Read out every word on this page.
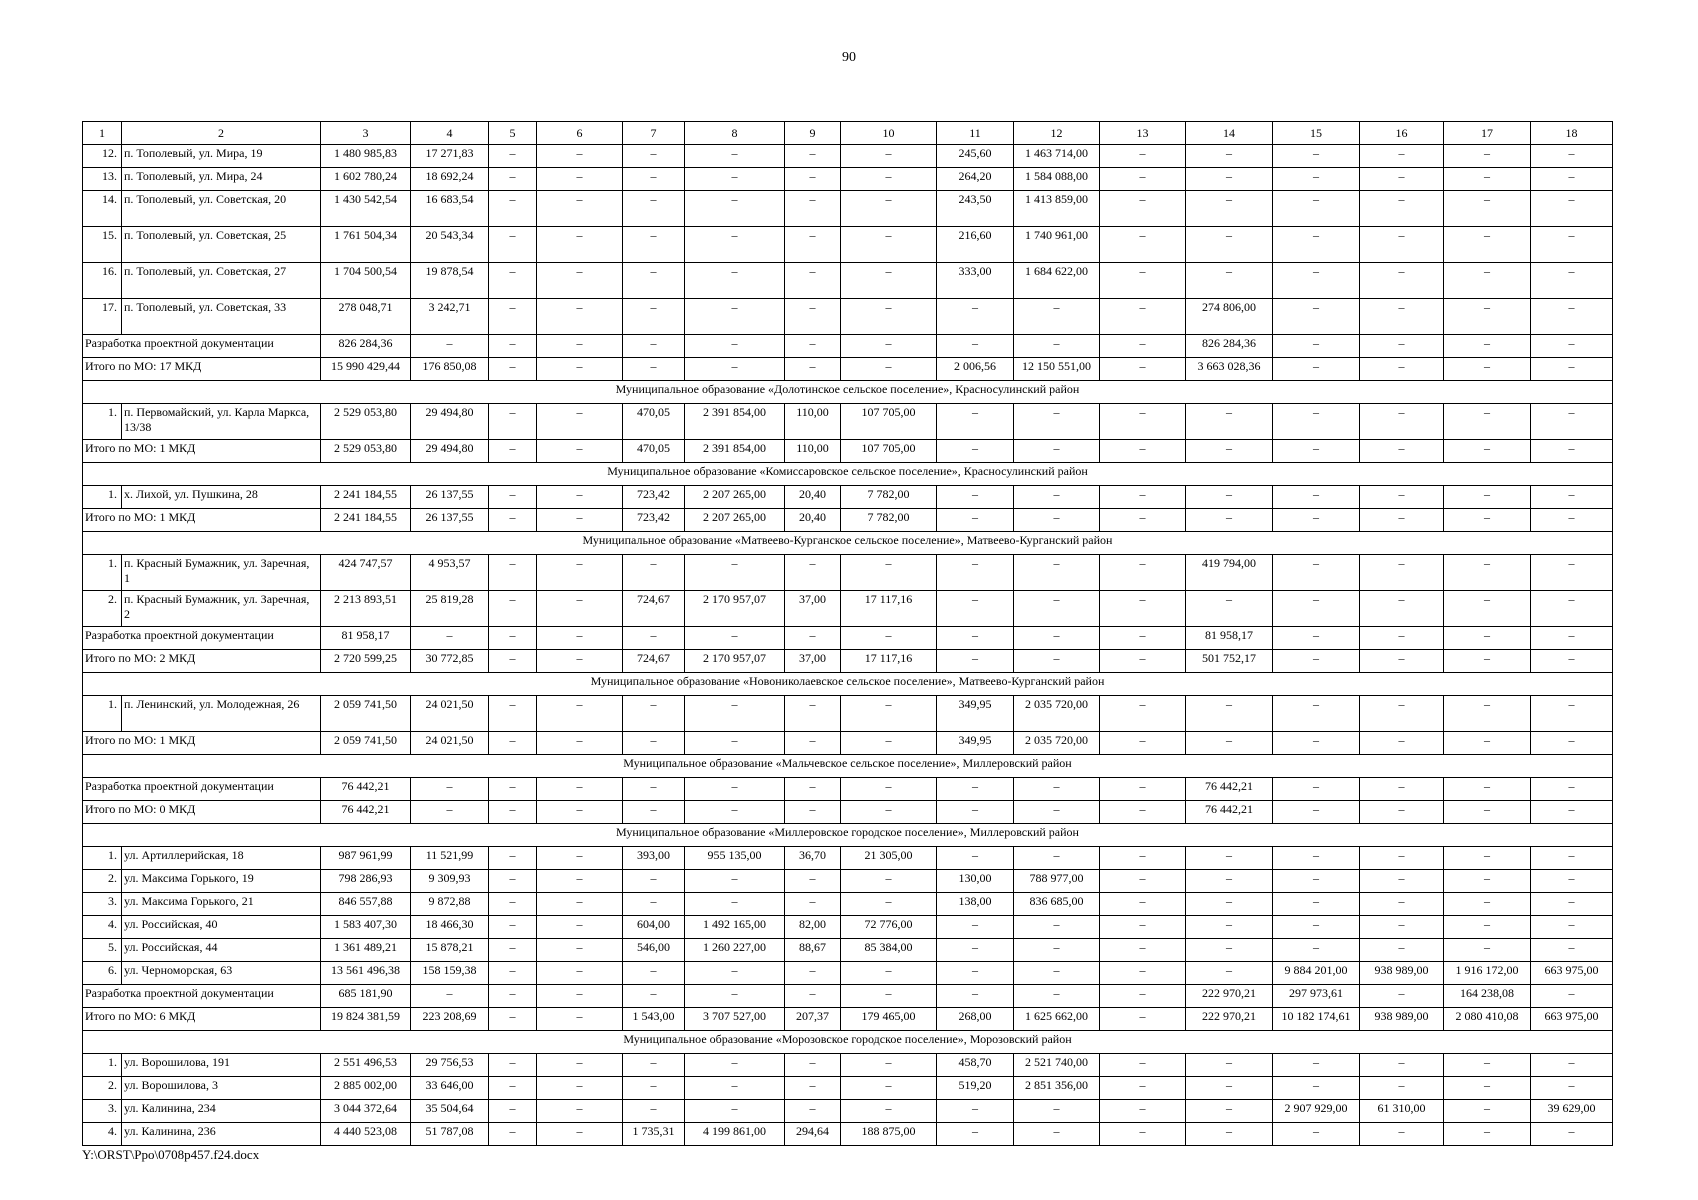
90
1	2	3	4	5	6	7	8	9	10	11	12	13	14	15	16	17	18
12.	п. Тополевый, ул. Мира, 19	1 480 985,83	17 271,83	–	–	–	–	–	–	245,60	1 463 714,00	–	–	–	–	–	–
13.	п. Тополевый, ул. Мира, 24	1 602 780,24	18 692,24	–	–	–	–	–	–	264,20	1 584 088,00	–	–	–	–	–	–
14.	п. Тополевый, ул. Советская, 20	1 430 542,54	16 683,54	–	–	–	–	–	–	243,50	1 413 859,00	–	–	–	–	–	–
15.	п. Тополевый, ул. Советская, 25	1 761 504,34	20 543,34	–	–	–	–	–	–	216,60	1 740 961,00	–	–	–	–	–	–
16.	п. Тополевый, ул. Советская, 27	1 704 500,54	19 878,54	–	–	–	–	–	–	333,00	1 684 622,00	–	–	–	–	–	–
17.	п. Тополевый, ул. Советская, 33	278 048,71	3 242,71	–	–	–	–	–	–	–	–	–	274 806,00	–	–	–	–
Разработка проектной документации		826 284,36	–	–	–	–	–	–	–	–	–	–	826 284,36	–	–	–	–
Итого по МО: 17 МКД		15 990 429,44	176 850,08	–	–	–	–	–	–	2 006,56	12 150 551,00	–	3 663 028,36	–	–	–	–
Муниципальное образование «Долотинское сельское поселение», Красносулинский район																	
1.	п. Первомайский, ул. Карла Маркса, 13/38	2 529 053,80	29 494,80	–	–	470,05	2 391 854,00	110,00	107 705,00	–	–	–	–	–	–	–	–
Итого по МО: 1 МКД		2 529 053,80	29 494,80	–	–	470,05	2 391 854,00	110,00	107 705,00	–	–	–	–	–	–	–	–
Муниципальное образование «Комиссаровское сельское поселение», Красносулинский район																	
1.	х. Лихой, ул. Пушкина, 28	2 241 184,55	26 137,55	–	–	723,42	2 207 265,00	20,40	7 782,00	–	–	–	–	–	–	–	–
Итого по МО: 1 МКД		2 241 184,55	26 137,55	–	–	723,42	2 207 265,00	20,40	7 782,00	–	–	–	–	–	–	–	–
Муниципальное образование «Матвеево-Курганское сельское поселение», Матвеево-Курганский район																	
1.	п. Красный Бумажник, ул. Заречная, 1	424 747,57	4 953,57	–	–	–	–	–	–	–	–	–	419 794,00	–	–	–	–
2.	п. Красный Бумажник, ул. Заречная, 2	2 213 893,51	25 819,28	–	–	724,67	2 170 957,07	37,00	17 117,16	–	–	–	–	–	–	–	–
Разработка проектной документации		81 958,17	–	–	–	–	–	–	–	–	–	–	81 958,17	–	–	–	–
Итого по МО: 2 МКД		2 720 599,25	30 772,85	–	–	724,67	2 170 957,07	37,00	17 117,16	–	–	–	501 752,17	–	–	–	–
Муниципальное образование «Новониколаевское сельское поселение», Матвеево-Курганский район																	
1.	п. Ленинский, ул. Молодежная, 26	2 059 741,50	24 021,50	–	–	–	–	–	–	349,95	2 035 720,00	–	–	–	–	–	–
Итого по МО: 1 МКД		2 059 741,50	24 021,50	–	–	–	–	–	–	349,95	2 035 720,00	–	–	–	–	–	–
Муниципальное образование «Мальчевское сельское поселение», Миллеровский район																	
Разработка проектной документации		76 442,21	–	–	–	–	–	–	–	–	–	–	76 442,21	–	–	–	–
Итого по МО: 0 МКД		76 442,21	–	–	–	–	–	–	–	–	–	–	76 442,21	–	–	–	–
Муниципальное образование «Миллеровское городское поселение», Миллеровский район																	
1.	ул. Артиллерийская, 18	987 961,99	11 521,99	–	–	393,00	955 135,00	36,70	21 305,00	–	–	–	–	–	–	–	–
2.	ул. Максима Горького, 19	798 286,93	9 309,93	–	–	–	–	–	–	130,00	788 977,00	–	–	–	–	–	–
3.	ул. Максима Горького, 21	846 557,88	9 872,88	–	–	–	–	–	–	138,00	836 685,00	–	–	–	–	–	–
4.	ул. Российская, 40	1 583 407,30	18 466,30	–	–	604,00	1 492 165,00	82,00	72 776,00	–	–	–	–	–	–	–	–
5.	ул. Российская, 44	1 361 489,21	15 878,21	–	–	546,00	1 260 227,00	88,67	85 384,00	–	–	–	–	–	–	–	–
6.	ул. Черноморская, 63	13 561 496,38	158 159,38	–	–	–	–	–	–	–	–	–	–	9 884 201,00	938 989,00	1 916 172,00	663 975,00
Разработка проектной документации		685 181,90	–	–	–	–	–	–	–	–	–	–	222 970,21	297 973,61	–	164 238,08	–
Итого по МО: 6 МКД		19 824 381,59	223 208,69	–	–	1 543,00	3 707 527,00	207,37	179 465,00	268,00	1 625 662,00	–	222 970,21	10 182 174,61	938 989,00	2 080 410,08	663 975,00
Муниципальное образование «Морозовское городское поселение», Морозовский район																	
1.	ул. Ворошилова, 191	2 551 496,53	29 756,53	–	–	–	–	–	–	458,70	2 521 740,00	–	–	–	–	–	–
2.	ул. Ворошилова, 3	2 885 002,00	33 646,00	–	–	–	–	–	–	519,20	2 851 356,00	–	–	–	–	–	–
3.	ул. Калинина, 234	3 044 372,64	35 504,64	–	–	–	–	–	–	–	–	–	–	2 907 929,00	61 310,00	–	39 629,00
4.	ул. Калинина, 236	4 440 523,08	51 787,08	–	–	1 735,31	4 199 861,00	294,64	188 875,00	–	–	–	–	–	–	–	–
Y:\ORST\Ppo\0708p457.f24.docx
